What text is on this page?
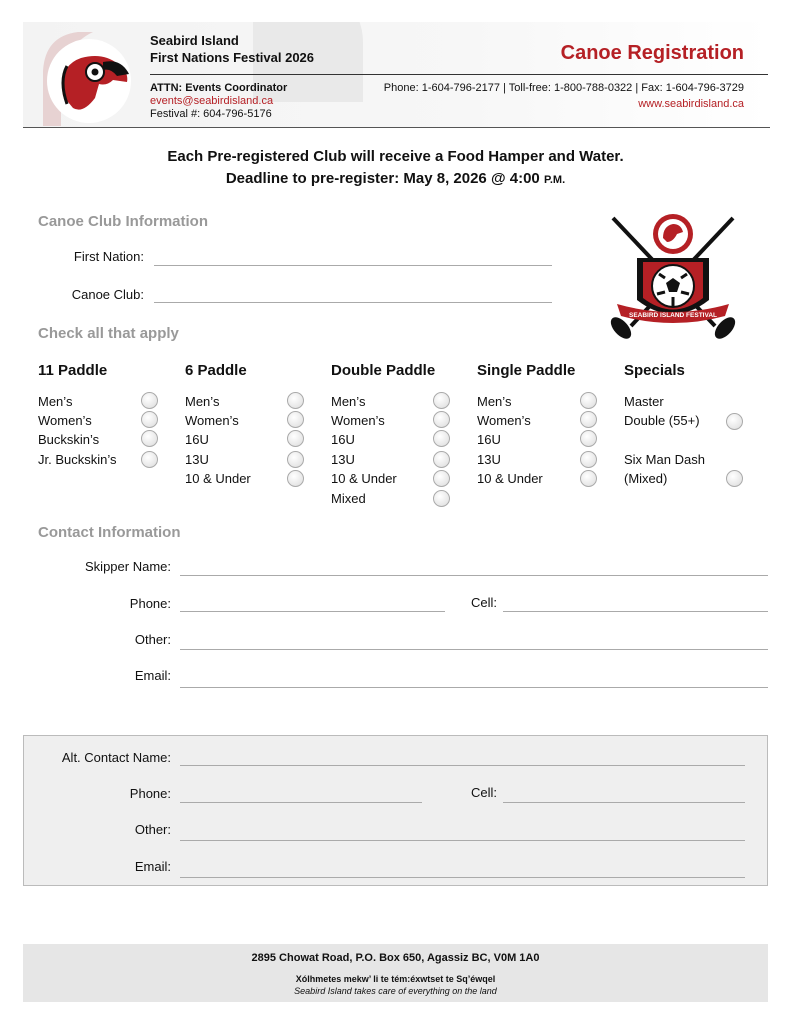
Seabird Island
First Nations Festival 2026
ATTN: Events Coordinator
events@seabirdisland.ca
Festival #: 604-796-5176
Canoe Registration
Phone: 1-604-796-2177 | Toll-free: 1-800-788-0322 | Fax: 1-604-796-3729
www.seabirdisland.ca
Each Pre-registered Club will receive a Food Hamper and Water.
Deadline to pre-register: May 8, 2026 @ 4:00 P.M.
Canoe Club Information
First Nation:
Canoe Club:
SEABIRD ISLAND FESTIVAL
Check all that apply
11 Paddle
Men’s
Women’s
Buckskin’s
Jr. Buckskin’s
6 Paddle
Men’s
Women’s
16U
13U
10 & Under
Double Paddle
Men’s
Women’s
16U
13U
10 & Under
Mixed
Single Paddle
Men’s
Women’s
16U
13U
10 & Under
Specials
Master
Double (55+)
Six Man Dash
(Mixed)
Contact Information
Skipper Name:
Phone:	Cell:
Other:
Email:
Alt. Contact Name:
Phone:	Cell:
Other:
Email:
2895 Chowat Road, P.O. Box 650, Agassiz BC, V0M 1A0
Xólhmetes mekw’ li te tém:éxwtset te Sq’éwqel
Seabird Island takes care of everything on the land
